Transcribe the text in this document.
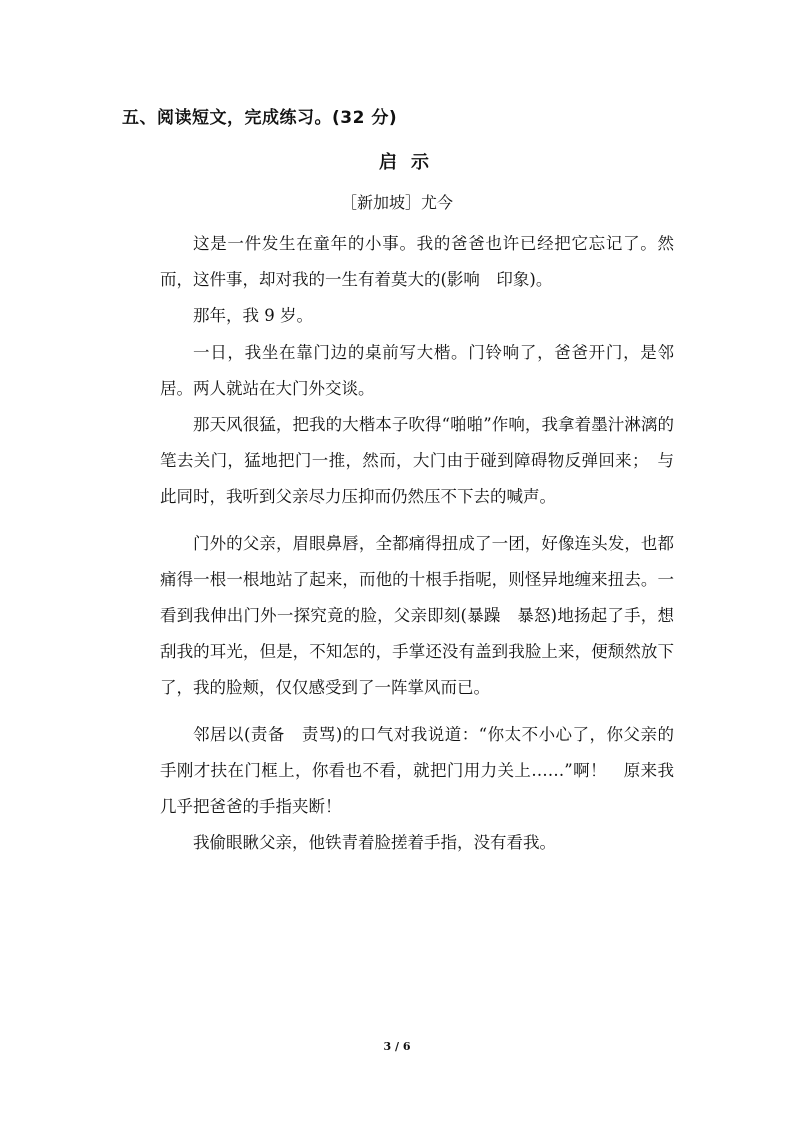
五、阅读短文，完成练习。(32 分)
启示
［新加坡］尤今

这是一件发生在童年的小事。我的爸爸也许已经把它忘记了。然而，这件事，却对我的一生有着莫大的(影响　印象)。

那年，我 9 岁。

一日，我坐在靠门边的桌前写大楷。门铃响了，爸爸开门，是邻居。两人就站在大门外交谈。

那天风很猛，把我的大楷本子吹得“啪啪”作响，我拿着墨汁淋漓的笔去关门，猛地把门一推，然而，大门由于碰到障碍物反弹回来；　与此同时，我听到父亲尽力压抑而仍然压不下去的喊声。

门外的父亲，眉眼鼻唇，全都痛得扭成了一团，好像连头发，也都痛得一根一根地站了起来，而他的十根手指呢，则怪异地缠来扭去。一看到我伸出门外一探究竟的脸，父亲即刻(暴躁　暴怒)地扬起了手，想刮我的耳光，但是，不知怎的，手掌还没有盖到我脸上来，便颓然放下了，我的脸颊，仅仅感受到了一阵掌风而已。

邻居以(责备　责骂)的口气对我说道：“你太不小心了，你父亲的手刚才扶在门框上，你看也不看，就把门用力关上……”啊！　原来我几乎把爸爸的手指夹断！

我偷眼瞅父亲，他铁青着脸搓着手指，没有看我。

3 / 6
